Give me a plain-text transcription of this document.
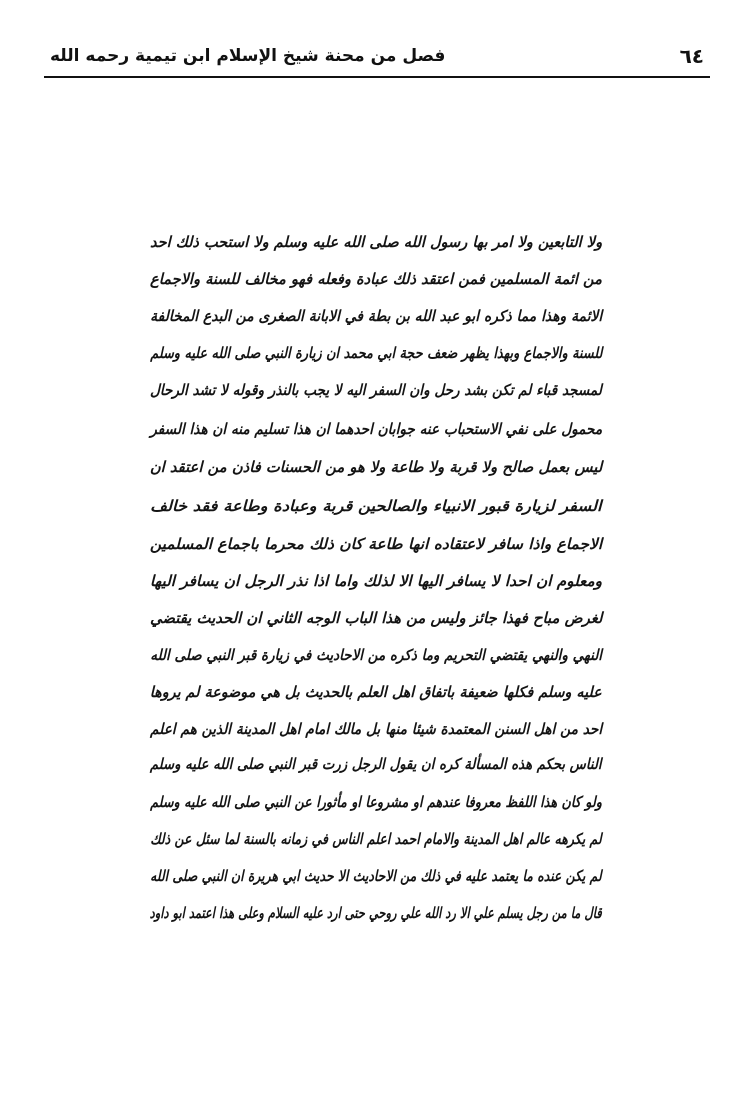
٦٤
فصل من محنة شيخ الإسلام ابن تيمية رحمه الله
ولا التابعين ولا امر بها رسول الله صلى الله عليه وسلم ولا استحب ذلك احد
من ائمة المسلمين فمن اعتقد ذلك عبادة وفعله فهو مخالف للسنة والاجماع
الائمة وهذا مما ذكره ابو عبد الله بن بطة في الابانة الصغرى من البدع المخالفة
للسنة والاجماع وبهذا يظهر ضعف حجة ابي محمد ان زيارة النبي صلى الله عليه وسلم
لمسجد قباء لم تكن بشد رحل وان السفر اليه لا يجب بالنذر وقوله لا تشد الرحال
محمول على نفي الاستحباب عنه جوابان احدهما ان هذا تسليم منه ان هذا السفر
ليس بعمل صالح ولا قربة ولا طاعة ولا هو من الحسنات فاذن من اعتقد ان
السفر لزيارة قبور الانبياء والصالحين قربة وعبادة وطاعة فقد خالف
الاجماع واذا سافر لاعتقاده انها طاعة كان ذلك محرما باجماع المسلمين
ومعلوم ان احدا لا يسافر اليها الا لذلك واما اذا نذر الرجل ان يسافر اليها
لغرض مباح فهذا جائز وليس من هذا الباب الوجه الثاني ان الحديث يقتضي
النهي والنهي يقتضي التحريم وما ذكره من الاحاديث في زيارة قبر النبي صلى الله
عليه وسلم فكلها ضعيفة باتفاق اهل العلم بالحديث بل هي موضوعة لم يروها
احد من اهل السنن المعتمدة شيئا منها بل مالك امام اهل المدينة الذين هم اعلم
الناس بحكم هذه المسألة كره ان يقول الرجل زرت قبر النبي صلى الله عليه وسلم
ولو كان هذا اللفظ معروفا عندهم او مشروعا او مأثورا عن النبي صلى الله عليه وسلم
لم يكرهه عالم اهل المدينة والامام احمد اعلم الناس في زمانه بالسنة لما سئل عن ذلك
لم يكن عنده ما يعتمد عليه في ذلك من الاحاديث الا حديث ابي هريرة ان النبي صلى الله
قال ما من رجل يسلم علي الا رد الله علي روحي حتى ارد عليه السلام وعلى هذا اعتمد ابو داود
